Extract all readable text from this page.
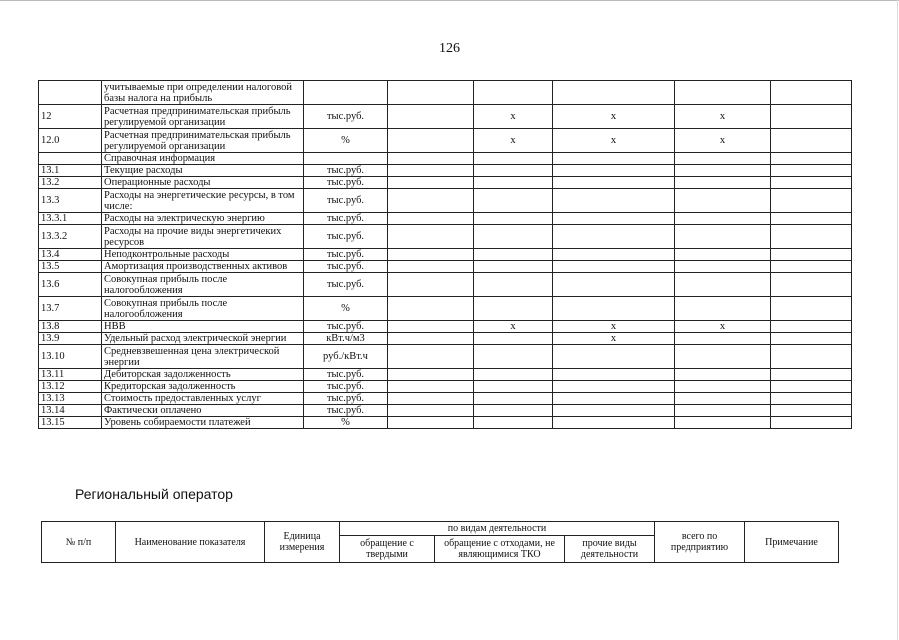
126
	учитываемые при определении налоговой базы налога на прибыль						
12	Расчетная предпринимательская прибыль регулируемой организации	тыс.руб.		х	х	х	
12.0	Расчетная предпринимательская прибыль регулируемой организации	%		х	х	х	
	Справочная информация						
13.1	Текущие расходы	тыс.руб.					
13.2	Операционные расходы	тыс.руб.					
13.3	Расходы на энергетические ресурсы, в том числе:	тыс.руб.					
13.3.1	Расходы на электрическую энергию	тыс.руб.					
13.3.2	Расходы на прочие виды энергетичеких ресурсов	тыс.руб.					
13.4	Неподконтрольные расходы	тыс.руб.					
13.5	Амортизация производственных активов	тыс.руб.					
13.6	Совокупная прибыль после налогообложения	тыс.руб.					
13.7	Совокупная прибыль после налогообложения	%					
13.8	НВВ	тыс.руб.		х	х	х	
13.9	Удельный расход электрической энергии	кВт.ч/м3			х		
13.10	Средневзвешенная цена электрической энергии	руб./кВт.ч					
13.11	Дебиторская задолженность	тыс.руб.					
13.12	Кредиторская задолженность	тыс.руб.					
13.13	Стоимость предоставленных услуг	тыс.руб.					
13.14	Фактически оплачено	тыс.руб.					
13.15	Уровень собираемости платежей	%					
Региональный оператор
№ п/п	Наименование показателя	Единица измерения	по видам деятельности			всего по предприятию	Примечание
			обращение с твердыми	обращение с отходами, не являющимися ТКО	прочие виды деятельности		
